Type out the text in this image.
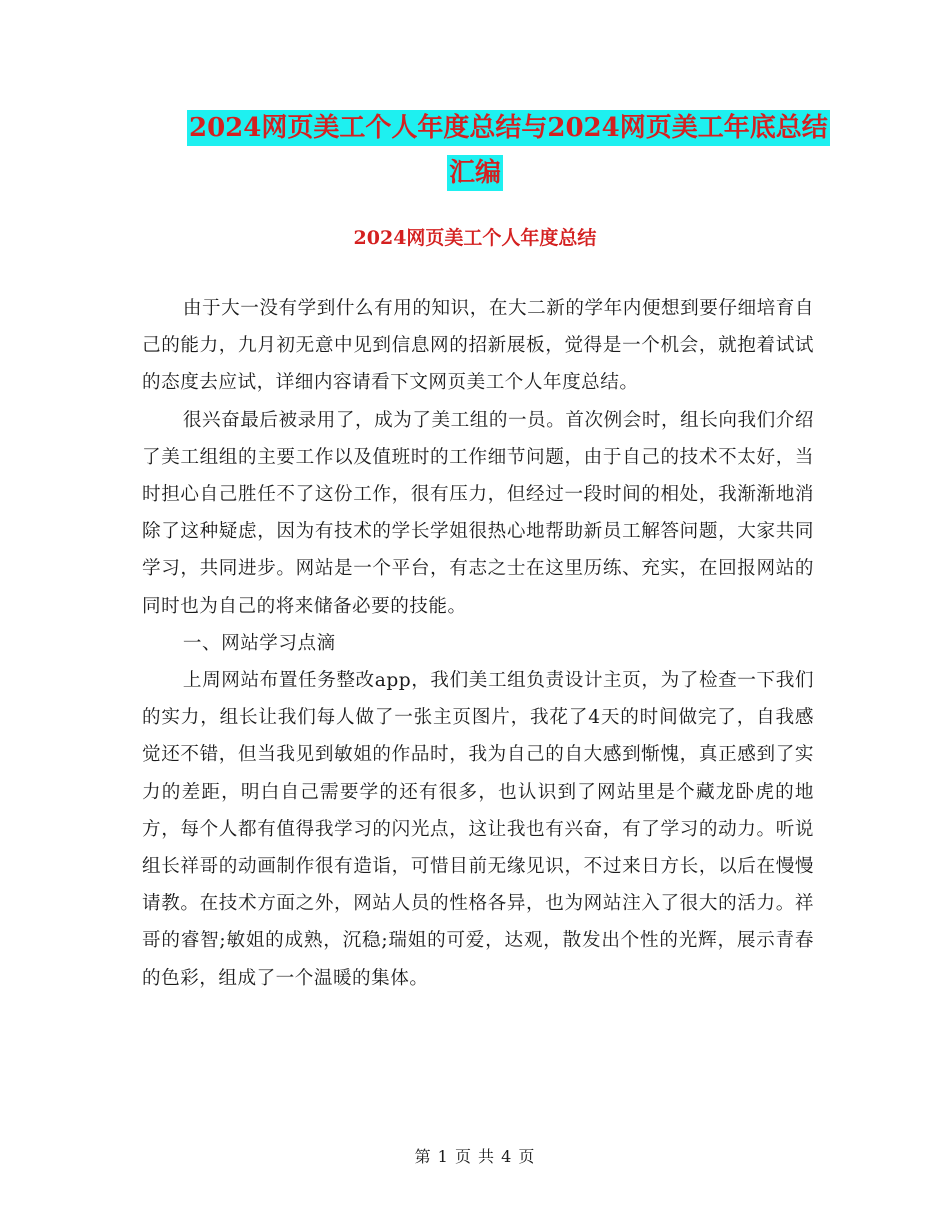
2024网页美工个人年度总结与2024网页美工年底总结
汇编
2024网页美工个人年度总结

由于大一没有学到什么有用的知识，在大二新的学年内便想到要仔细培育自己的能力，九月初无意中见到信息网的招新展板，觉得是一个机会，就抱着试试的态度去应试，详细内容请看下文网页美工个人年度总结。

很兴奋最后被录用了，成为了美工组的一员。首次例会时，组长向我们介绍了美工组组的主要工作以及值班时的工作细节问题，由于自己的技术不太好，当时担心自己胜任不了这份工作，很有压力，但经过一段时间的相处，我渐渐地消除了这种疑虑，因为有技术的学长学姐很热心地帮助新员工解答问题，大家共同学习，共同进步。网站是一个平台，有志之士在这里历练、充实，在回报网站的同时也为自己的将来储备必要的技能。

一、网站学习点滴

上周网站布置任务整改app，我们美工组负责设计主页，为了检查一下我们的实力，组长让我们每人做了一张主页图片，我花了4天的时间做完了，自我感觉还不错，但当我见到敏姐的作品时，我为自己的自大感到惭愧，真正感到了实力的差距，明白自己需要学的还有很多，也认识到了网站里是个藏龙卧虎的地方，每个人都有值得我学习的闪光点，这让我也有兴奋，有了学习的动力。听说组长祥哥的动画制作很有造诣，可惜目前无缘见识，不过来日方长，以后在慢慢请教。在技术方面之外，网站人员的性格各异，也为网站注入了很大的活力。祥哥的睿智;敏姐的成熟，沉稳;瑞姐的可爱，达观，散发出个性的光辉，展示青春的色彩，组成了一个温暖的集体。

第 1 页 共 4 页
